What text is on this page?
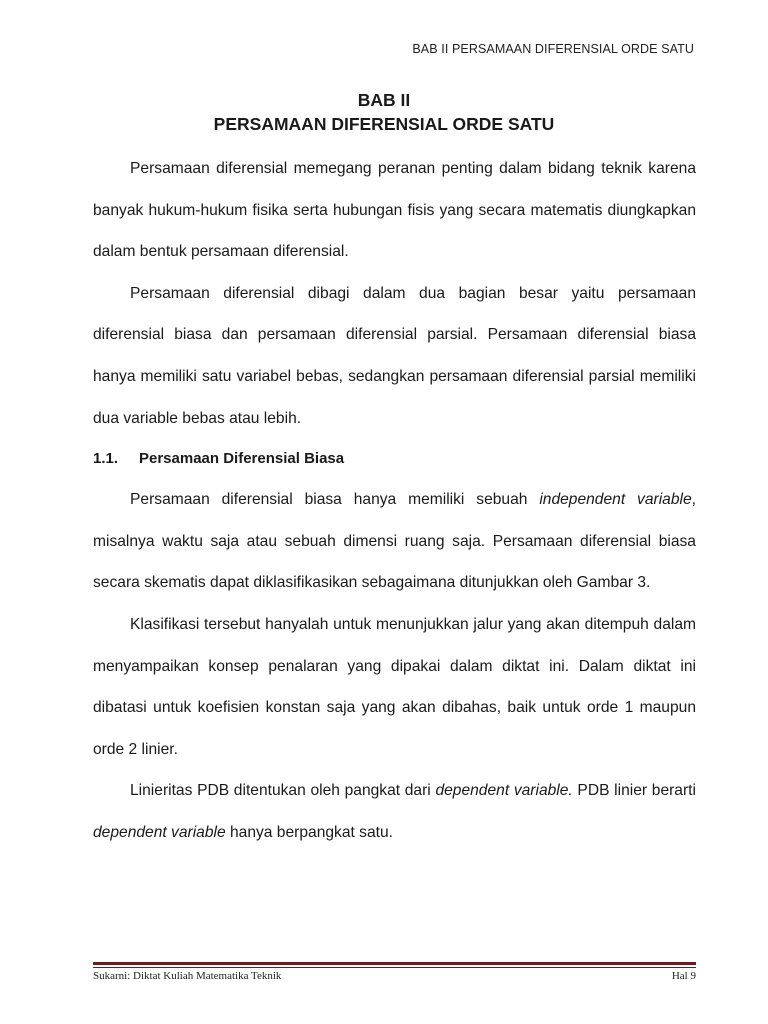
BAB II PERSAMAAN DIFERENSIAL ORDE SATU
BAB II
PERSAMAAN DIFERENSIAL ORDE SATU

Persamaan diferensial memegang peranan penting dalam bidang teknik karena banyak hukum-hukum fisika serta hubungan fisis yang secara matematis diungkapkan dalam bentuk persamaan diferensial.

Persamaan diferensial dibagi dalam dua bagian besar yaitu persamaan diferensial biasa dan persamaan diferensial parsial. Persamaan diferensial biasa hanya memiliki satu variabel bebas, sedangkan persamaan diferensial parsial memiliki dua variable bebas atau lebih.

1.1. Persamaan Diferensial Biasa

Persamaan diferensial biasa hanya memiliki sebuah independent variable, misalnya waktu saja atau sebuah dimensi ruang saja. Persamaan diferensial biasa secara skematis dapat diklasifikasikan sebagaimana ditunjukkan oleh Gambar 3.

Klasifikasi tersebut hanyalah untuk menunjukkan jalur yang akan ditempuh dalam menyampaikan konsep penalaran yang dipakai dalam diktat ini. Dalam diktat ini dibatasi untuk koefisien konstan saja yang akan dibahas, baik untuk orde 1 maupun orde 2 linier.

Linieritas PDB ditentukan oleh pangkat dari dependent variable. PDB linier berarti dependent variable hanya berpangkat satu.

Sukarni: Diktat Kuliah Matematika Teknik	Hal 9
